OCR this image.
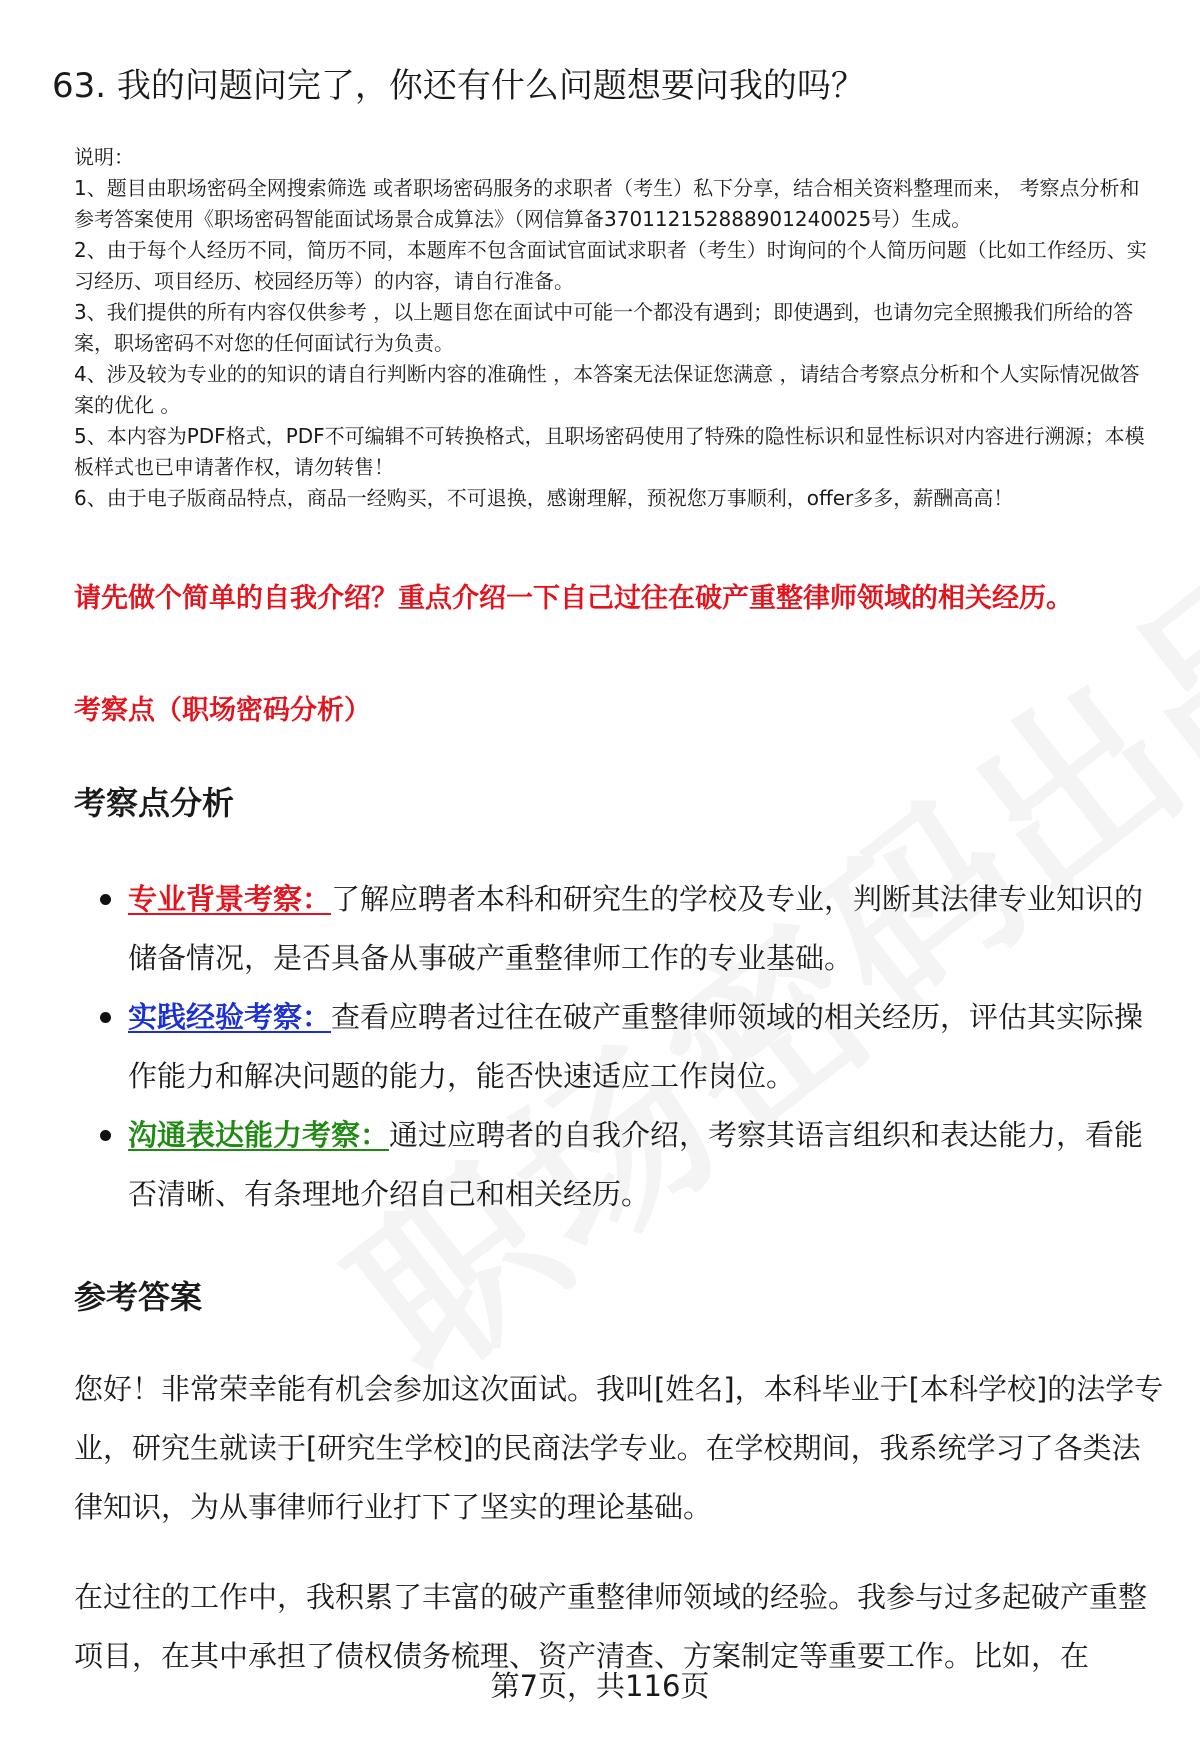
63. 我的问题问完了，你还有什么问题想要问我的吗？

说明：

1、题目由职场密码全网搜索筛选 或者职场密码服务的求职者（考生）私下分享，结合相关资料整理而来， 考察点分析和参考答案使用《职场密码智能面试场景合成算法》（网信算备370112152888901240025号）生成。

2、由于每个人经历不同，简历不同，本题库不包含面试官面试求职者（考生）时询问的个人简历问题（比如工作经历、实习经历、项目经历、校园经历等）的内容，请自行准备。

3、我们提供的所有内容仅供参考 ，以上题目您在面试中可能一个都没有遇到；即使遇到，也请勿完全照搬我们所给的答案，职场密码不对您的任何面试行为负责。

4、涉及较为专业的的知识的请自行判断内容的准确性 ，本答案无法保证您满意 ，请结合考察点分析和个人实际情况做答案的优化 。

5、本内容为PDF格式，PDF不可编辑不可转换格式，且职场密码使用了特殊的隐性标识和显性标识对内容进行溯源；本模板样式也已申请著作权，请勿转售！

6、由于电子版商品特点，商品一经购买，不可退换，感谢理解，预祝您万事顺利，offer多多，薪酬高高！

请先做个简单的自我介绍？重点介绍一下自己过往在破产重整律师领域的相关经历。
考察点（职场密码分析）
考察点分析
专业背景考察：了解应聘者本科和研究生的学校及专业，判断其法律专业知识的储备情况，是否具备从事破产重整律师工作的专业基础。
实践经验考察：查看应聘者过往在破产重整律师领域的相关经历，评估其实际操作能力和解决问题的能力，能否快速适应工作岗位。
沟通表达能力考察：通过应聘者的自我介绍，考察其语言组织和表达能力，看能否清晰、有条理地介绍自己和相关经历。
参考答案

您好！非常荣幸能有机会参加这次面试。我叫[姓名]，本科毕业于[本科学校]的法学专业，研究生就读于[研究生学校]的民商法学专业。在学校期间，我系统学习了各类法律知识，为从事律师行业打下了坚实的理论基础。

在过往的工作中，我积累了丰富的破产重整律师领域的经验。我参与过多起破产重整项目，在其中承担了债权债务梳理、资产清查、方案制定等重要工作。比如，在

第7页，共116页
